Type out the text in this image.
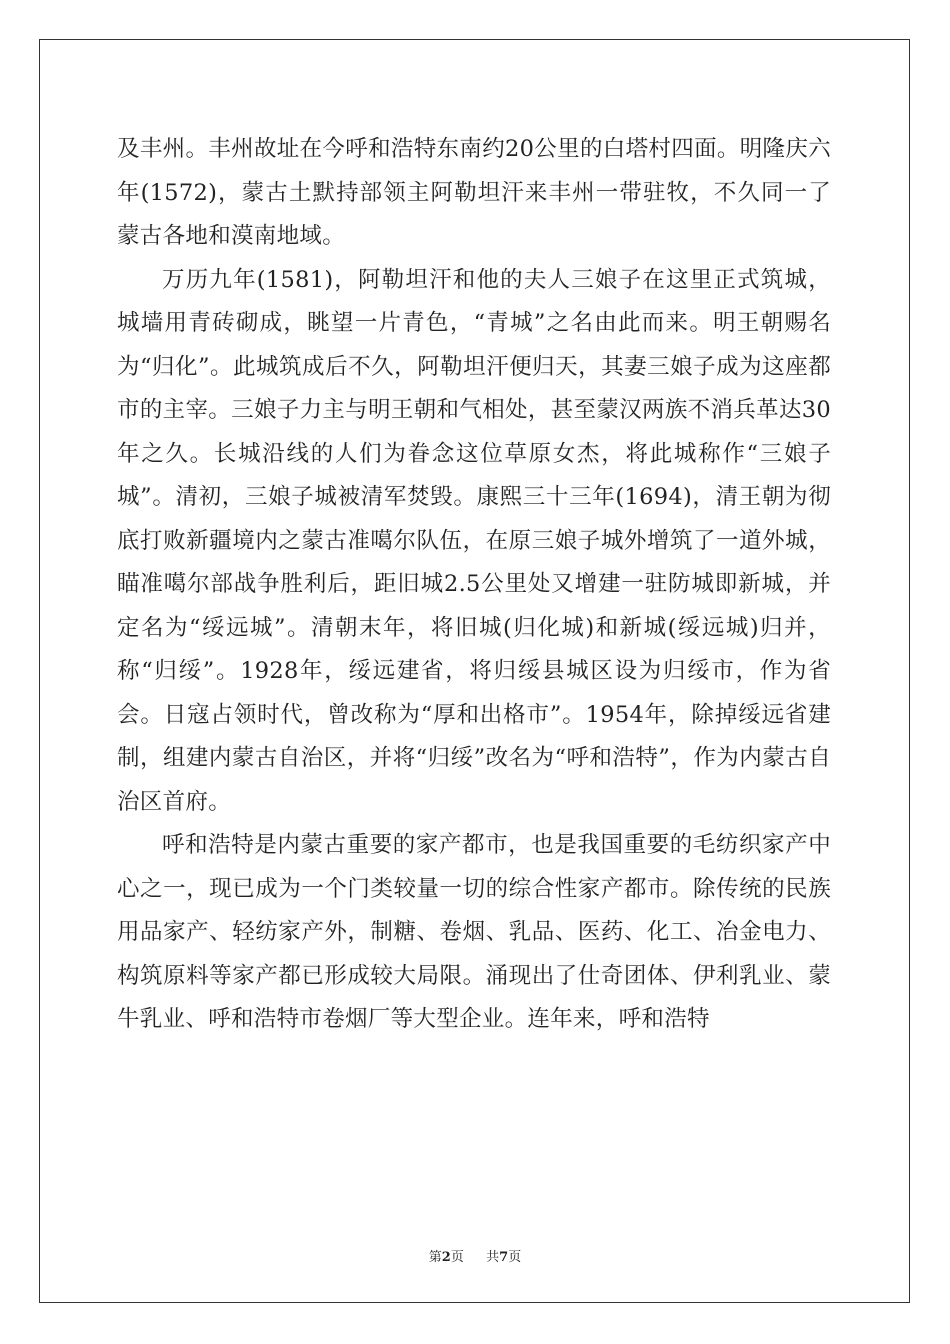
及丰州。丰州故址在今呼和浩特东南约20公里的白塔村四面。明隆庆六年(1572)，蒙古土默持部领主阿勒坦汗来丰州一带驻牧，不久同一了蒙古各地和漠南地域。

万历九年(1581)，阿勒坦汗和他的夫人三娘子在这里正式筑城，城墙用青砖砌成，眺望一片青色，“青城”之名由此而来。明王朝赐名为“归化”。此城筑成后不久，阿勒坦汗便归天，其妻三娘子成为这座都市的主宰。三娘子力主与明王朝和气相处，甚至蒙汉两族不消兵革达30年之久。长城沿线的人们为眷念这位草原女杰，将此城称作“三娘子城”。清初，三娘子城被清军焚毁。康熙三十三年(1694)，清王朝为彻底打败新疆境内之蒙古准噶尔队伍，在原三娘子城外增筑了一道外城，瞄准噶尔部战争胜利后，距旧城2.5公里处又增建一驻防城即新城，并定名为“绥远城”。清朝末年，将旧城(归化城)和新城(绥远城)归并，称“归绥”。1928年，绥远建省，将归绥县城区设为归绥市，作为省会。日寇占领时代，曾改称为“厚和出格市”。1954年，除掉绥远省建制，组建内蒙古自治区，并将“归绥”改名为“呼和浩特”，作为内蒙古自治区首府。

呼和浩特是内蒙古重要的家产都市，也是我国重要的毛纺织家产中心之一，现已成为一个门类较量一切的综合性家产都市。除传统的民族用品家产、轻纺家产外，制糖、卷烟、乳品、医药、化工、冶金电力、构筑原料等家产都已形成较大局限。涌现出了仕奇团体、伊利乳业、蒙牛乳业、呼和浩特市卷烟厂等大型企业。连年来，呼和浩特

第2页 共7页
